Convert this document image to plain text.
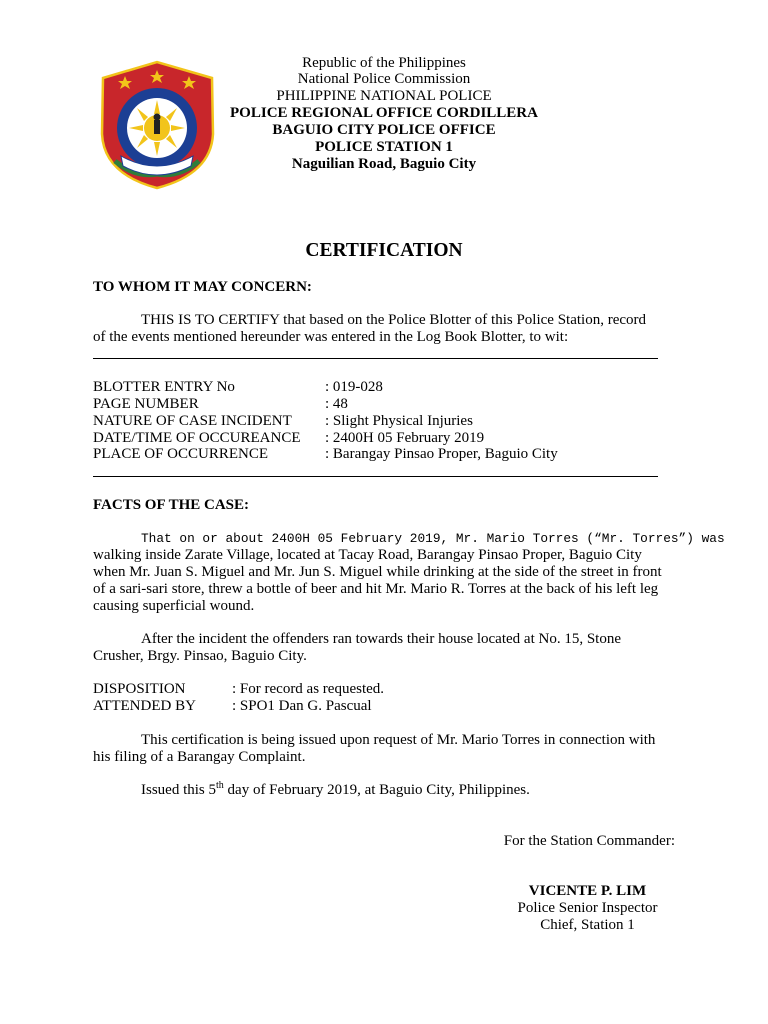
Republic of the Philippines
National Police Commission
PHILIPPINE NATIONAL POLICE
POLICE REGIONAL OFFICE CORDILLERA
BAGUIO CITY POLICE OFFICE
POLICE STATION 1
Naguilian Road, Baguio City
CERTIFICATION
TO WHOM IT MAY CONCERN:
THIS IS TO CERTIFY that based on the Police Blotter of this Police Station, record
of the events mentioned hereunder was entered in the Log Book Blotter, to wit:
BLOTTER ENTRY No	: 019-028
PAGE NUMBER	: 48
NATURE OF CASE INCIDENT : Slight Physical Injuries
DATE/TIME OF OCCUREANCE : 2400H 05 February 2019
PLACE OF OCCURRENCE	: Barangay Pinsao Proper, Baguio City
FACTS OF THE CASE:
That on or about 2400H 05 February 2019, Mr. Mario Torres (“Mr. Torres”) was
walking inside Zarate Village, located at Tacay Road, Barangay Pinsao Proper, Baguio City
when Mr. Juan S. Miguel and Mr. Jun S. Miguel while drinking at the side of the street in front
of a sari-sari store, threw a bottle of beer and hit Mr. Mario R. Torres at the back of his left leg
causing superficial wound.
After the incident the offenders ran towards their house located at No. 15, Stone
Crusher, Brgy. Pinsao, Baguio City.
DISPOSITION	: For record as requested.
ATTENDED BY : SPO1 Dan G. Pascual
This certification is being issued upon request of Mr. Mario Torres in connection with
his filing of a Barangay Complaint.
Issued this 5th day of February 2019, at Baguio City, Philippines.
For the Station Commander:
VICENTE P. LIM
Police Senior Inspector
Chief, Station 1
